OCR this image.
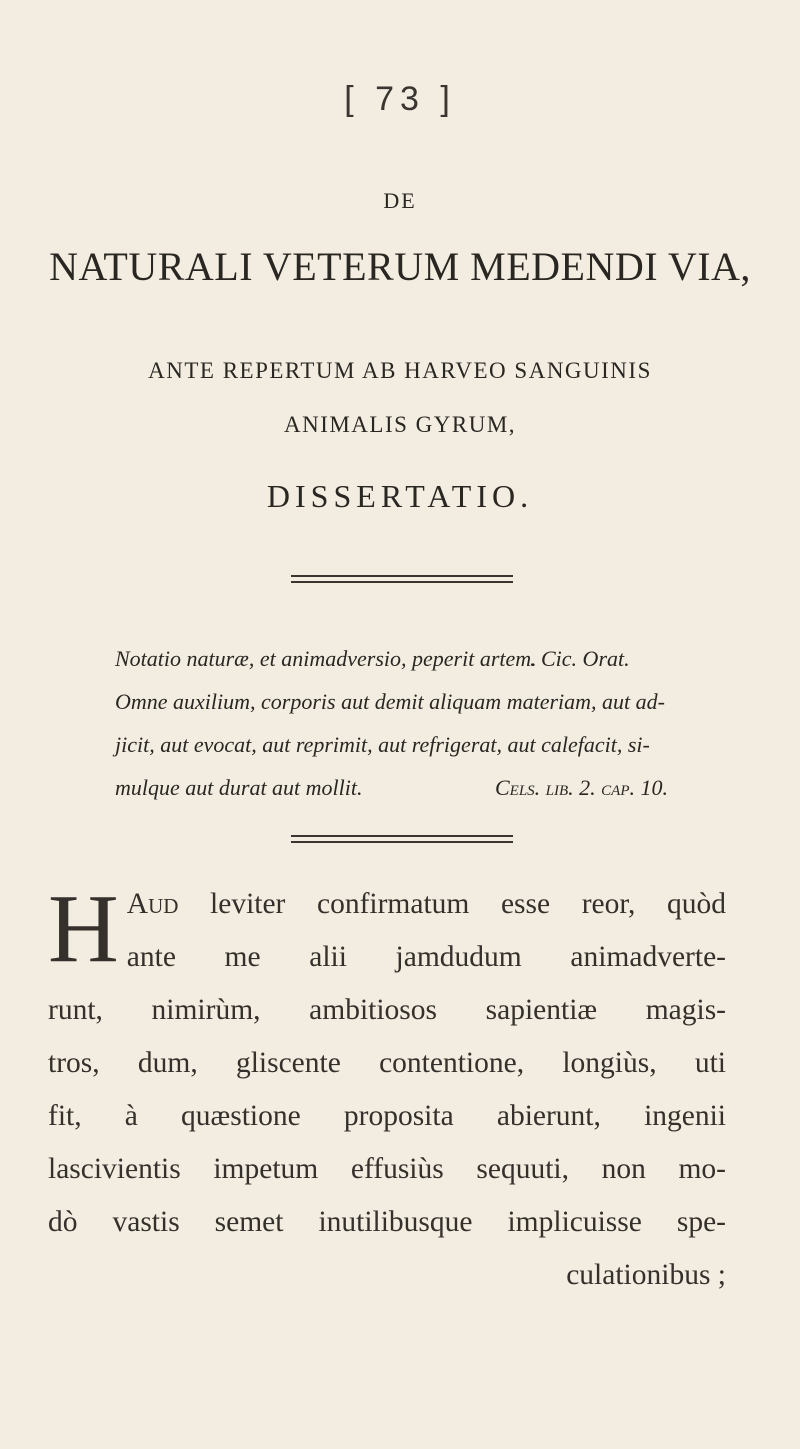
[ 73 ]
DE
NATURALI VETERUM MEDENDI VIA,
ANTE REPERTUM AB HARVEO SANGUINIS
ANIMALIS GYRUM,
DISSERTATIO.
Notatio naturæ, et animadversio, peperit artem.
. Cic. Orat.
Omne auxilium, corporis aut demit aliquam materiam, aut ad-
jicit, aut evocat, aut reprimit, aut refrigerat, aut calefacit, si-
mulque aut durat aut mollit.	Cels. lib. 2. cap. 10.
H Aud leviter confirmatum esse reor, quòd
ante me alii jamdudum animadverte-
runt, nimirùm, ambitiosos sapientiæ magis-
tros, dum, gliscente contentione, longiùs, uti
fit, à quæstione proposita abierunt, ingenii
lascivientis impetum effusiùs sequuti, non mo-
dò vastis semet inutilibusque implicuisse spe-
culationibus ;
